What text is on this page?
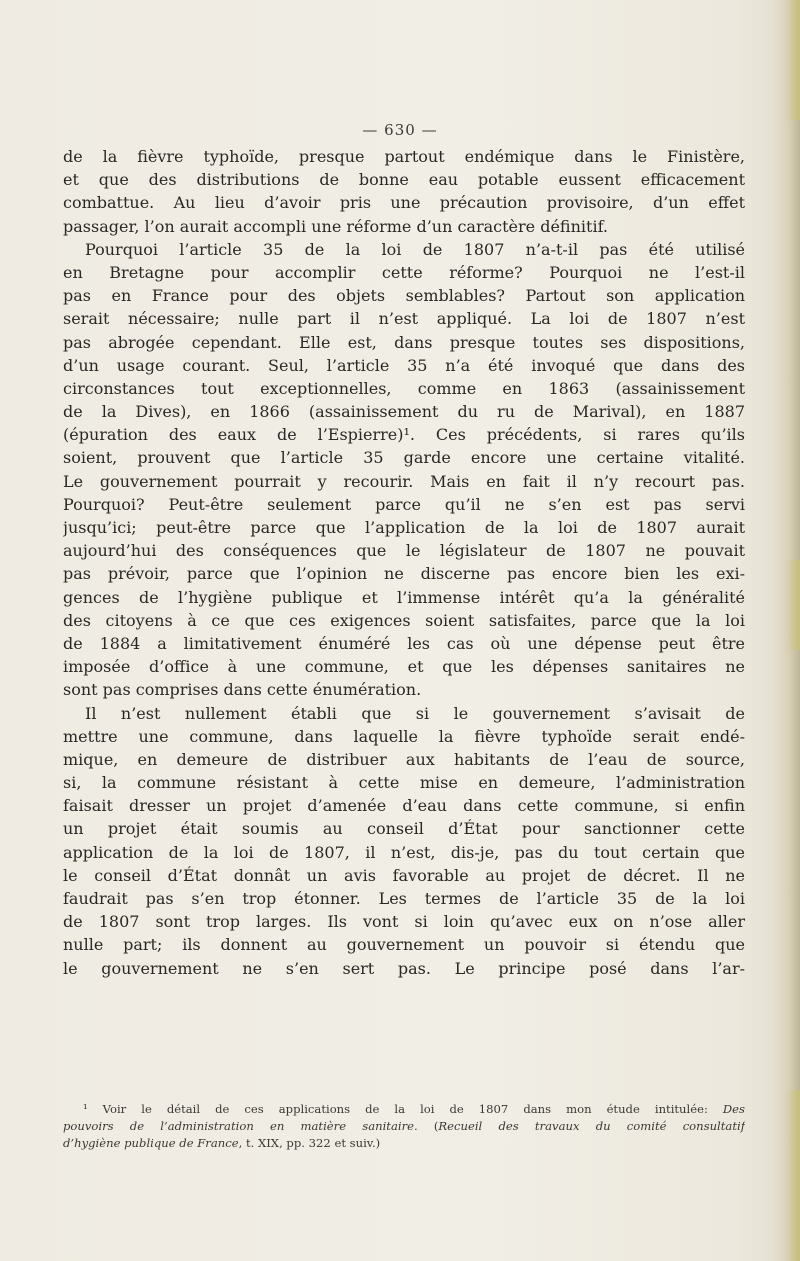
— 630 —
de la fièvre typhoïde, presque partout endémique dans le Finistère,
et que des distributions de bonne eau potable eussent efficacement
combattue. Au lieu d’avoir pris une précaution provisoire, d’un effet
passager, l’on aurait accompli une réforme d’un caractère définitif.
Pourquoi l’article 35 de la loi de 1807 n’a-t-il pas été utilisé
en Bretagne pour accomplir cette réforme? Pourquoi ne l’est-il
pas en France pour des objets semblables? Partout son application
serait nécessaire; nulle part il n’est appliqué. La loi de 1807 n’est
pas abrogée cependant. Elle est, dans presque toutes ses dispositions,
d’un usage courant. Seul, l’article 35 n’a été invoqué que dans des
circonstances tout exceptionnelles, comme en 1863 (assainissement
de la Dives), en 1866 (assainissement du ru de Marival), en 1887
(épuration des eaux de l’Espierre)¹. Ces précédents, si rares qu’ils
soient, prouvent que l’article 35 garde encore une certaine vitalité.
Le gouvernement pourrait y recourir. Mais en fait il n’y recourt pas.
Pourquoi? Peut-être seulement parce qu’il ne s’en est pas servi
jusqu’ici; peut-être parce que l’application de la loi de 1807 aurait
aujourd’hui des conséquences que le législateur de 1807 ne pouvait
pas prévoir, parce que l’opinion ne discerne pas encore bien les exi-
gences de l’hygiène publique et l’immense intérêt qu’a la généralité
des citoyens à ce que ces exigences soient satisfaites, parce que la loi
de 1884 a limitativement énuméré les cas où une dépense peut être
imposée d’office à une commune, et que les dépenses sanitaires ne
sont pas comprises dans cette énumération.
Il n’est nullement établi que si le gouvernement s’avisait de
mettre une commune, dans laquelle la fièvre typhoïde serait endé-
mique, en demeure de distribuer aux habitants de l’eau de source,
si, la commune résistant à cette mise en demeure, l’administration
faisait dresser un projet d’amenée d’eau dans cette commune, si enfin
un projet était soumis au conseil d’État pour sanctionner cette
application de la loi de 1807, il n’est, dis-je, pas du tout certain que
le conseil d’État donnât un avis favorable au projet de décret. Il ne
faudrait pas s’en trop étonner. Les termes de l’article 35 de la loi
de 1807 sont trop larges. Ils vont si loin qu’avec eux on n’ose aller
nulle part; ils donnent au gouvernement un pouvoir si étendu que
le gouvernement ne s’en sert pas. Le principe posé dans l’ar-
¹ Voir le détail de ces applications de la loi de 1807 dans mon étude intitulée: Des
pouvoirs de l’administration en matière sanitaire. (Recueil des travaux du comité consultatif
d’hygiène publique de France, t. XIX, pp. 322 et suiv.)
